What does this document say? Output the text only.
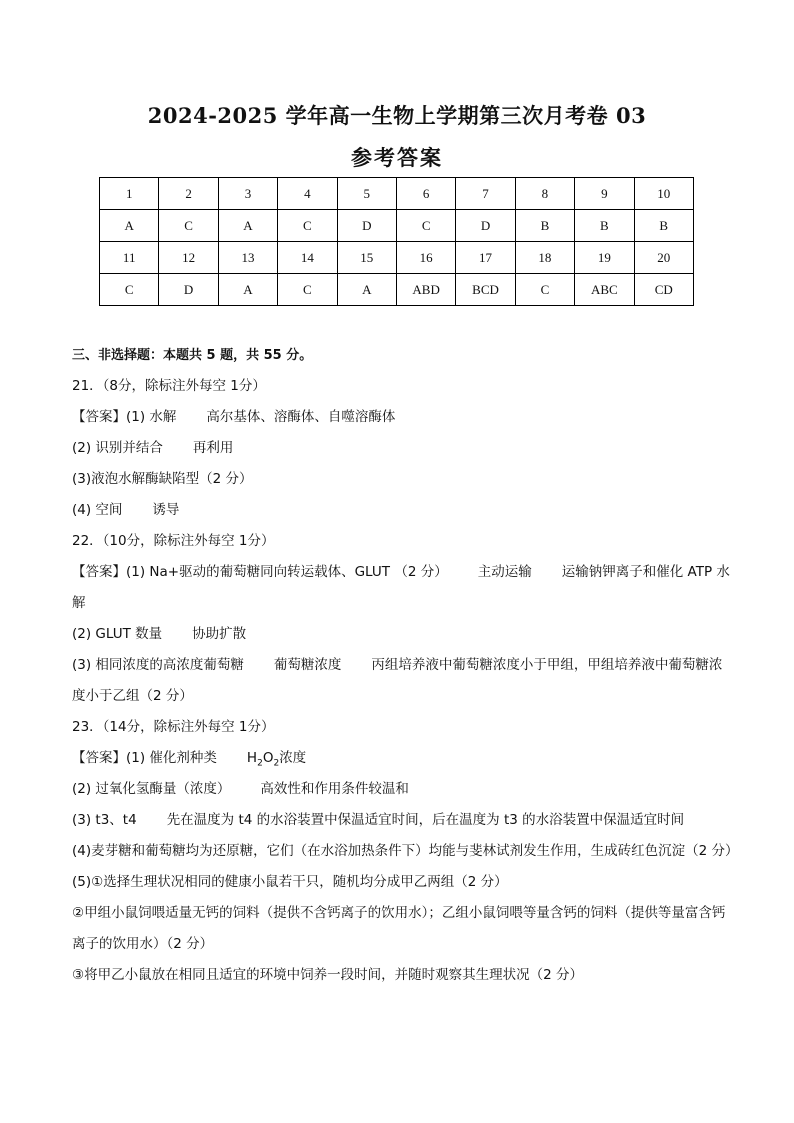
2024-2025 学年高一生物上学期第三次月考卷 03
参考答案
1	2	3	4	5	6	7	8	9	10
A	C	A	C	D	C	D	B	B	B
11	12	13	14	15	16	17	18	19	20
C	D	A	C	A	ABD	BCD	C	ABC	CD
三、非选择题：本题共 5 题，共 55 分。
21．（8分，除标注外每空 1分）
【答案】(1) 水解 高尔基体、溶酶体、自噬溶酶体
(2) 识别并结合 再利用
(3)液泡水解酶缺陷型（2 分）
(4) 空间 诱导
22．（10分，除标注外每空 1分）
【答案】(1) Na+驱动的葡萄糖同向转运载体、GLUT （2 分） 主动运输 运输钠钾离子和催化 ATP 水解
(2) GLUT 数量 协助扩散
(3) 相同浓度的高浓度葡萄糖 葡萄糖浓度 丙组培养液中葡萄糖浓度小于甲组，甲组培养液中葡萄糖浓度小于乙组（2 分）
23．（14分，除标注外每空 1分）
【答案】(1) 催化剂种类 $H_2O_2$浓度
(2) 过氧化氢酶量（浓度） 高效性和作用条件较温和
(3) t3、t4 先在温度为 t4 的水浴装置中保温适宜时间，后在温度为 t3 的水浴装置中保温适宜时间
(4)麦芽糖和葡萄糖均为还原糖，它们（在水浴加热条件下）均能与斐林试剂发生作用，生成砖红色沉淀（2 分）
(5)①选择生理状况相同的健康小鼠若干只，随机均分成甲乙两组（2 分）
②甲组小鼠饲喂适量无钙的饲料（提供不含钙离子的饮用水）；乙组小鼠饲喂等量含钙的饲料（提供等量富含钙离子的饮用水）（2 分）
③将甲乙小鼠放在相同且适宜的环境中饲养一段时间，并随时观察其生理状况（2 分）
